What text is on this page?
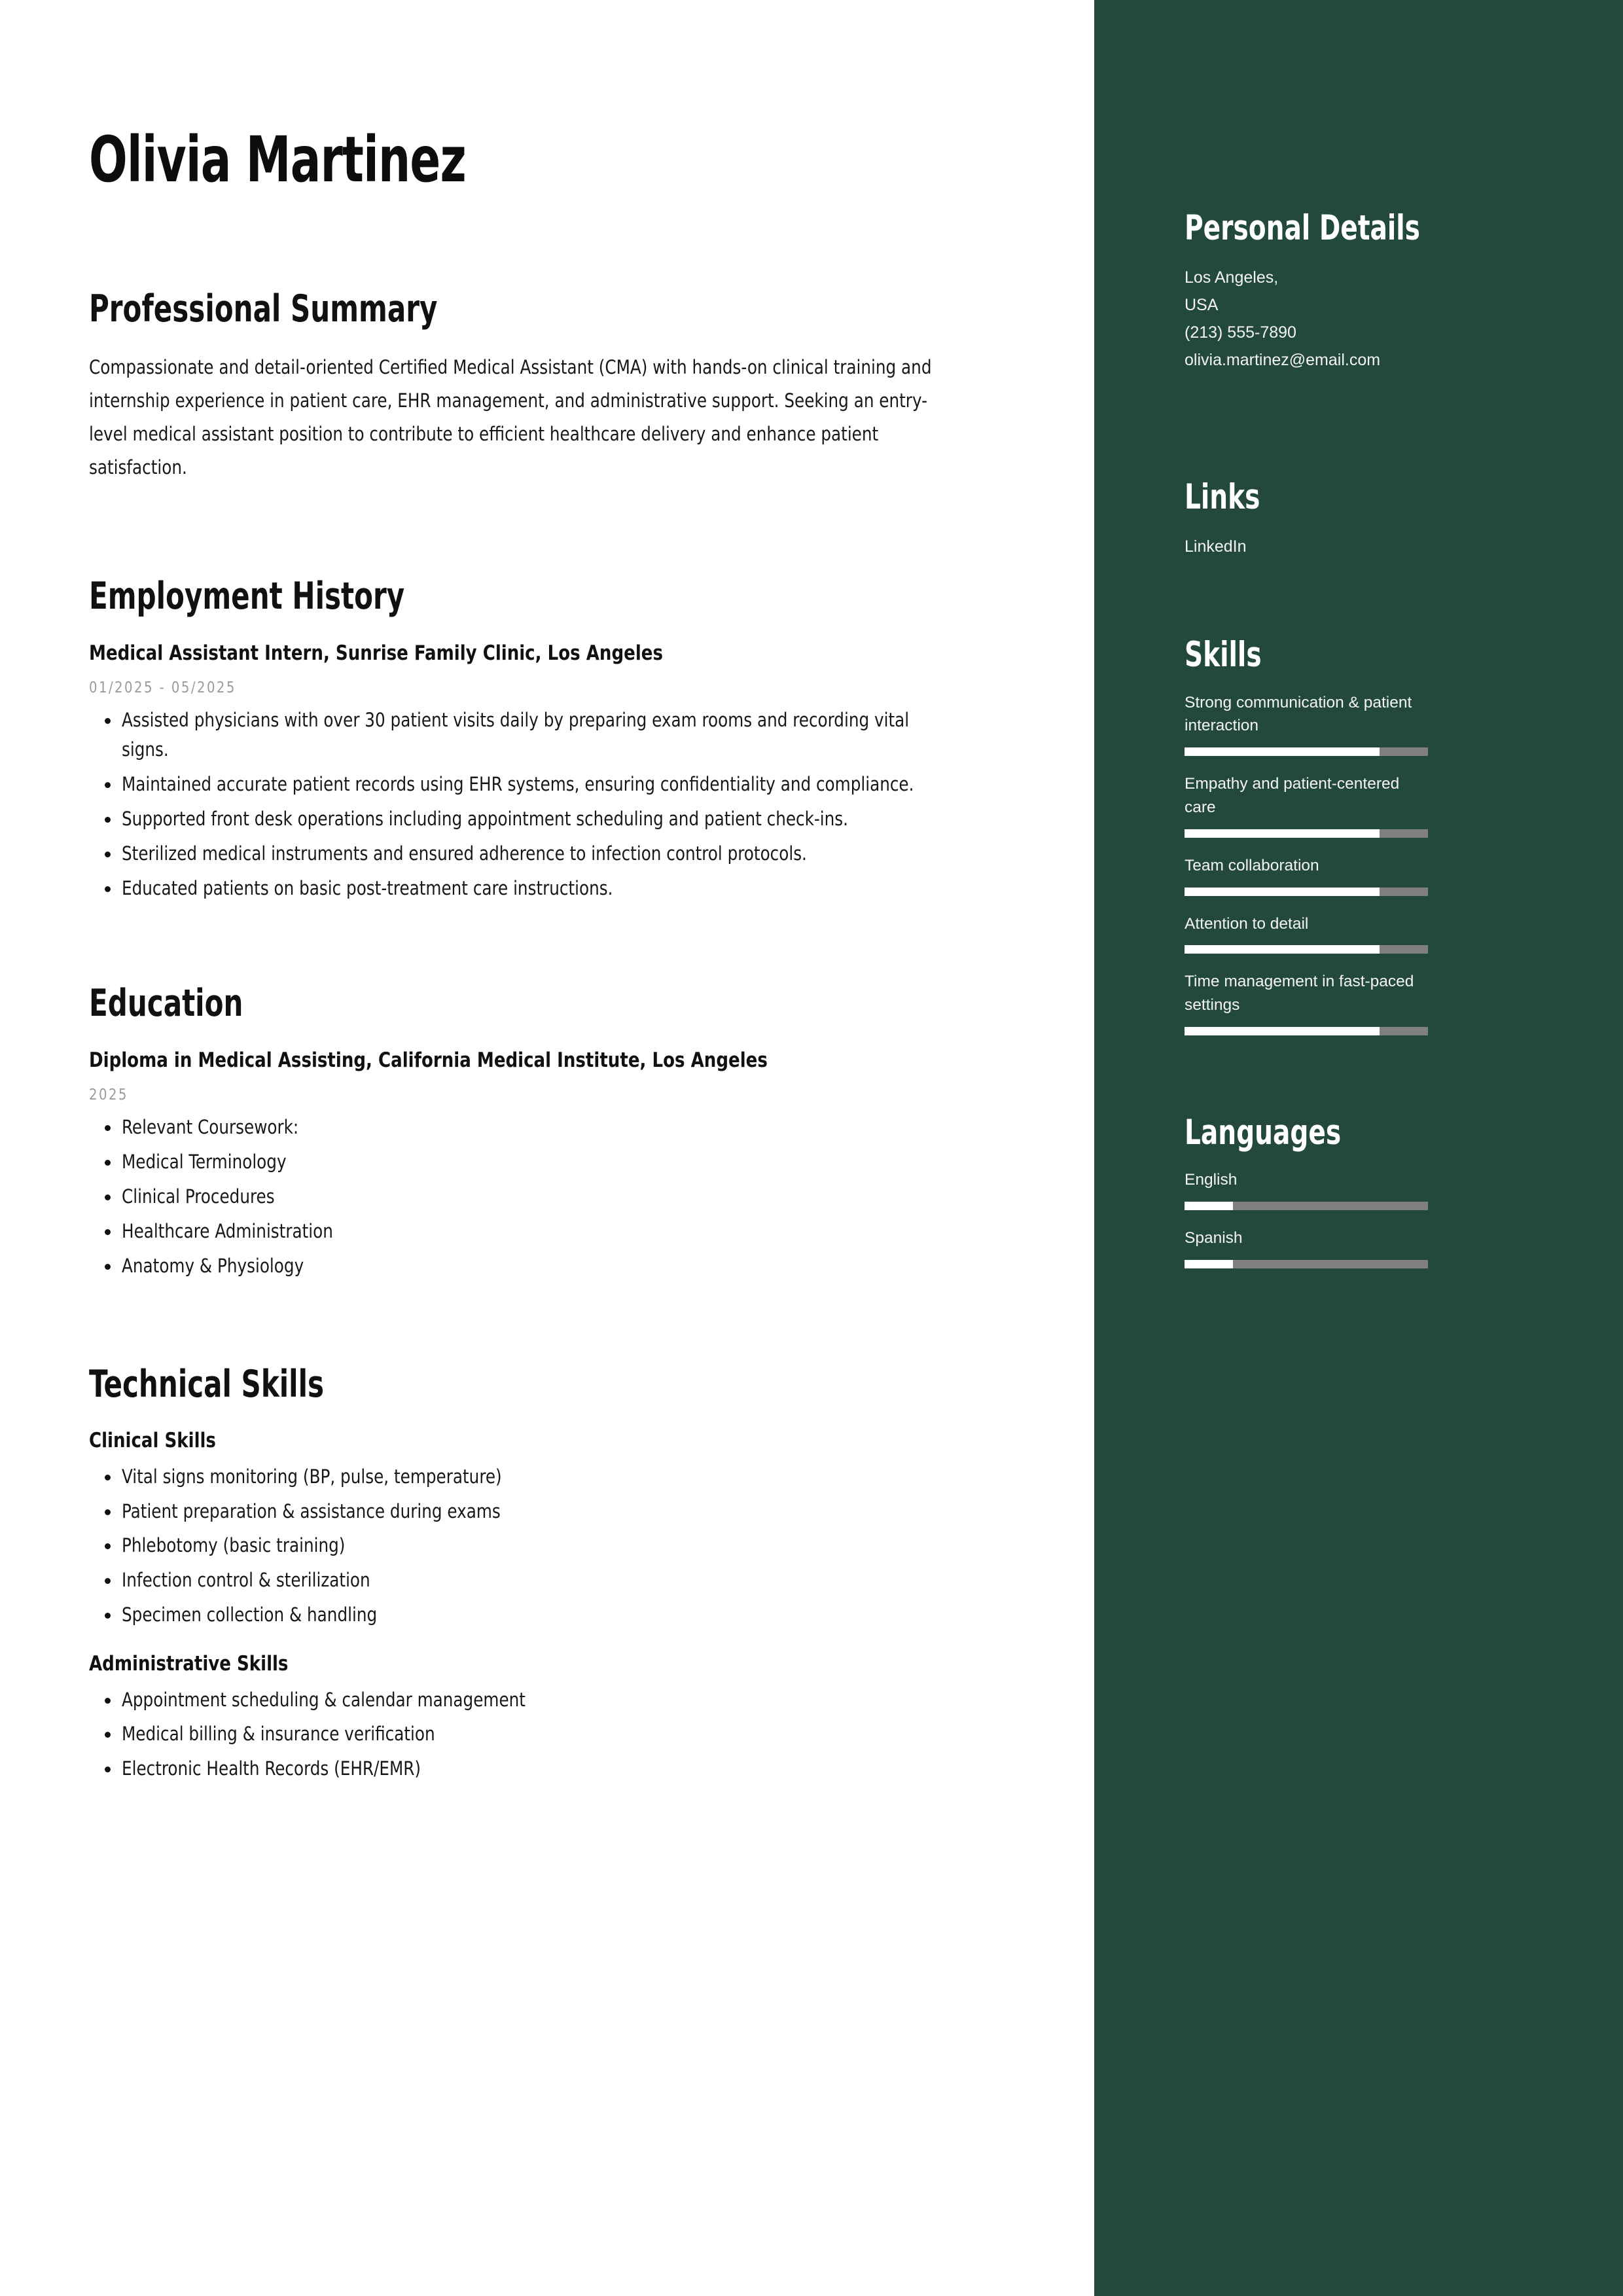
Olivia Martinez
Professional Summary
Compassionate and detail-oriented Certified Medical Assistant (CMA) with hands-on clinical training and internship experience in patient care, EHR management, and administrative support. Seeking an entry-level medical assistant position to contribute to efficient healthcare delivery and enhance patient satisfaction.
Employment History
Medical Assistant Intern, Sunrise Family Clinic, Los Angeles
01/2025 - 05/2025
Assisted physicians with over 30 patient visits daily by preparing exam rooms and recording vital signs.
Maintained accurate patient records using EHR systems, ensuring confidentiality and compliance.
Supported front desk operations including appointment scheduling and patient check-ins.
Sterilized medical instruments and ensured adherence to infection control protocols.
Educated patients on basic post-treatment care instructions.
Education
Diploma in Medical Assisting, California Medical Institute, Los Angeles
2025
Relevant Coursework:
Medical Terminology
Clinical Procedures
Healthcare Administration
Anatomy & Physiology
Technical Skills
Clinical Skills
Vital signs monitoring (BP, pulse, temperature)
Patient preparation & assistance during exams
Phlebotomy (basic training)
Infection control & sterilization
Specimen collection & handling
Administrative Skills
Appointment scheduling & calendar management
Medical billing & insurance verification
Electronic Health Records (EHR/EMR)
Personal Details
Los Angeles,
USA
(213) 555-7890
olivia.martinez@email.com
Links
LinkedIn
Skills
Strong communication & patient interaction
Empathy and patient-centered care
Team collaboration
Attention to detail
Time management in fast-paced settings
Languages
English
Spanish
